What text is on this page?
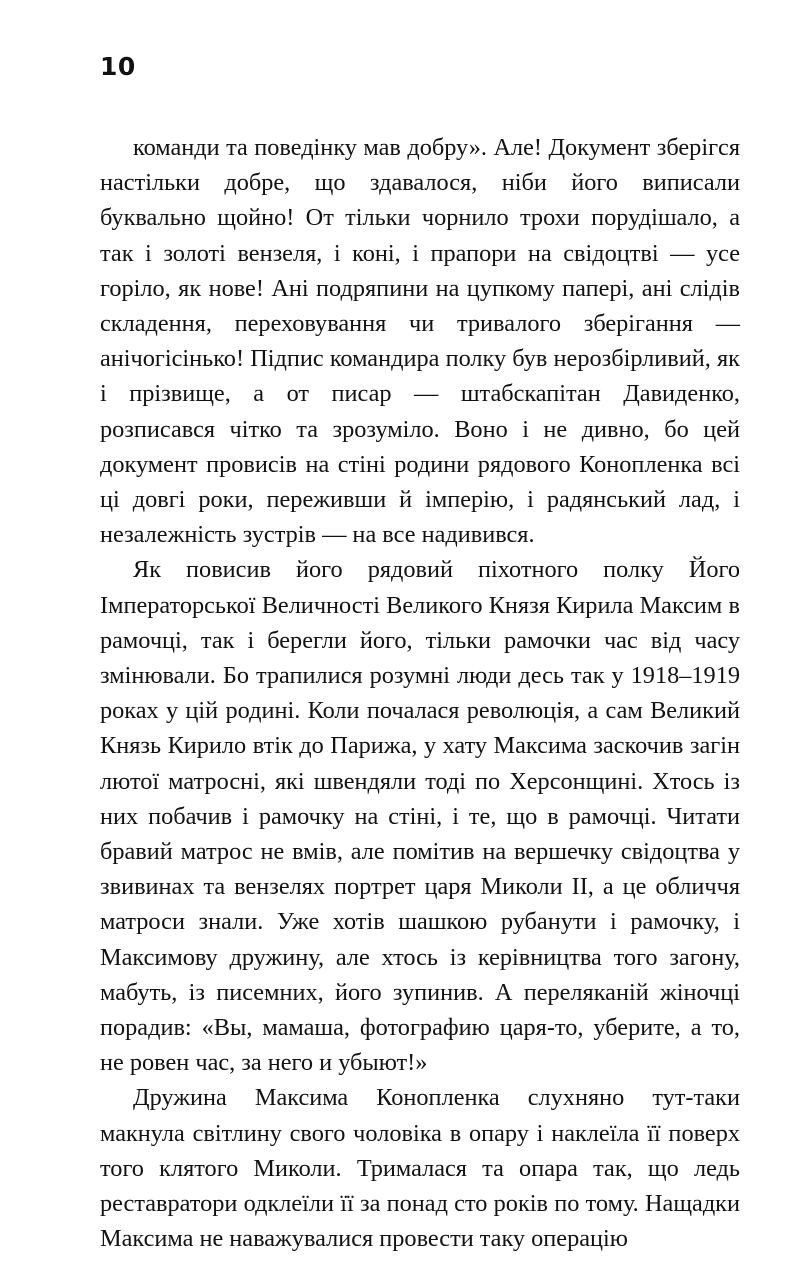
10

команди та поведінку мав добру». Але! Документ зберігся настільки добре, що здавалося, ніби його виписали буквально щойно! От тільки чорнило трохи порудішало, а так і золоті вензеля, і коні, і прапори на свідоцтві — усе горіло, як нове! Ані подряпини на цупкому папері, ані слідів складення, переховування чи тривалого зберігання — анічогісінько! Підпис командира полку був нерозбірливий, як і прізвище, а от писар — штабскапітан Давиденко, розписався чітко та зрозуміло. Воно і не дивно, бо цей документ провисів на стіні родини рядового Конопленка всі ці довгі роки, переживши й імперію, і радянський лад, і незалежність зустрів — на все надивився.

Як повисив його рядовий піхотного полку Його Імператорської Величності Великого Князя Кирила Максим в рамочці, так і берегли його, тільки рамочки час від часу змінювали. Бо трапилися розумні люди десь так у 1918–1919 роках у цій родині. Коли почалася революція, а сам Великий Князь Кирило втік до Парижа, у хату Максима заскочив загін лютої матросні, які швендяли тоді по Херсонщині. Хтось із них побачив і рамочку на стіні, і те, що в рамочці. Читати бравий матрос не вмів, але помітив на вершечку свідоцтва у звивинах та вензелях портрет царя Миколи II, а це обличчя матроси знали. Уже хотів шашкою рубанути і рамочку, і Максимову дружину, але хтось із керівництва того загону, мабуть, із писемних, його зупинив. А переляканій жіночці порадив: «Вы, мамаша, фотографию царя-то, уберите, а то, не ровен час, за него и убыют!»

Дружина Максима Конопленка слухняно тут-таки макнула світлину свого чоловіка в опару і наклеїла її поверх того клятого Миколи. Трималася та опара так, що ледь реставратори одклеїли її за понад сто років по тому. Нащадки Максима не наважувалися провести таку операцію
